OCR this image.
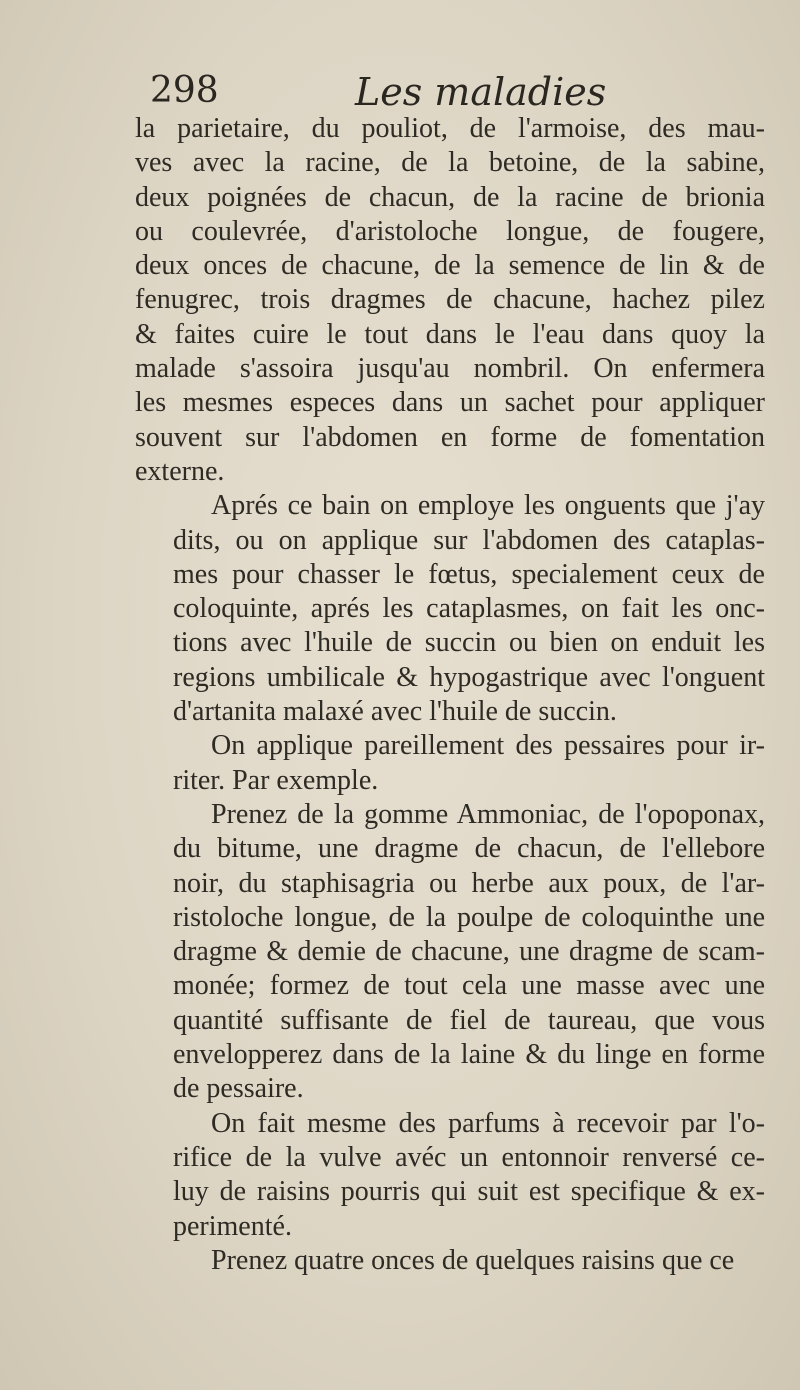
298	Les maladies

la parietaire, du pouliot, de l'armoise, des mau-
ves avec la racine, de la betoine, de la sabine,
deux poignées de chacun, de la racine de brionia
ou coulevrée, d'aristoloche longue, de fougere,
deux onces de chacune, de la semence de lin & de
fenugrec, trois dragmes de chacune, hachez pilez
& faites cuire le tout dans le l'eau dans quoy la
malade s'assoira jusqu'au nombril. On enfermera
les mesmes especes dans un sachet pour appliquer
souvent sur l'abdomen en forme de fomentation
externe.

Aprés ce bain on employe les onguents que j'ay
dits, ou on applique sur l'abdomen des cataplas-
mes pour chasser le fœtus, specialement ceux de
coloquinte, aprés les cataplasmes, on fait les onc-
tions avec l'huile de succin ou bien on enduit les
regions umbilicale & hypogastrique avec l'onguent
d'artanita malaxé avec l'huile de succin.

On applique pareillement des pessaires pour ir-
riter. Par exemple.

Prenez de la gomme Ammoniac, de l'opoponax,
du bitume, une dragme de chacun, de l'ellebore
noir, du staphisagria ou herbe aux poux, de l'ar-
ristoloche longue, de la poulpe de coloquinthe une
dragme & demie de chacune, une dragme de scam-
monée; formez de tout cela une masse avec une
quantité suffisante de fiel de taureau, que vous
envelopperez dans de la laine & du linge en forme
de pessaire.

On fait mesme des parfums à recevoir par l'o-
rifice de la vulve avéc un entonnoir renversé ce-
luy de raisins pourris qui suit est specifique & ex-
perimenté.

Prenez quatre onces de quelques raisins que ce
